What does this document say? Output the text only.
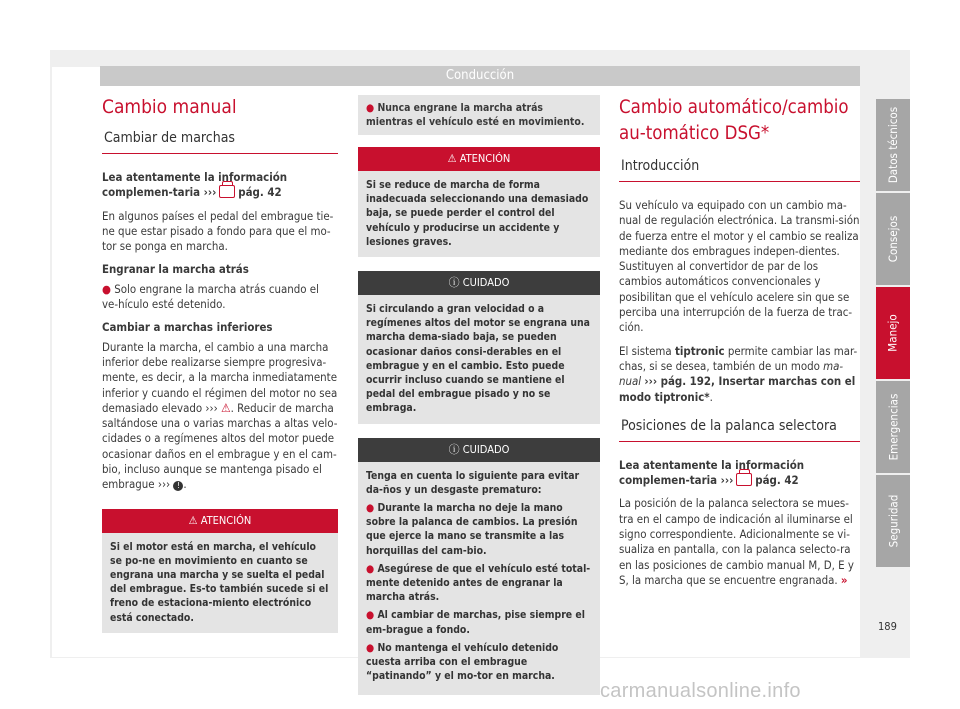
Conducción
Cambio manual
Cambiar de marchas

Lea atentamente la información complemen-taria ››› pág. 42

En algunos países el pedal del embrague tie-ne que estar pisado a fondo para que el mo-tor se ponga en marcha.

Engranar la marcha atrás

● Solo engrane la marcha atrás cuando el ve-hículo esté detenido.

Cambiar a marchas inferiores

Durante la marcha, el cambio a una marcha inferior debe realizarse siempre progresiva-mente, es decir, a la marcha inmediatamente inferior y cuando el régimen del motor no sea demasiado elevado ››› ⚠. Reducir de marcha saltándose una o varias marchas a altas velo-cidades o a regímenes altos del motor puede ocasionar daños en el embrague y en el cam-bio, incluso aunque se mantenga pisado el embrague ››› ! .

⚠ ATENCIÓN
Si el motor está en marcha, el vehículo se po-ne en movimiento en cuanto se engrana una marcha y se suelta el pedal del embrague. Es-to también sucede si el freno de estaciona-miento electrónico está conectado.
● Nunca engrane la marcha atrás mientras el vehículo esté en movimiento.
⚠ ATENCIÓN
Si se reduce de marcha de forma inadecuada seleccionando una demasiado baja, se puede perder el control del vehículo y producirse un accidente y lesiones graves.
ⓘ CUIDADO
Si circulando a gran velocidad o a regímenes altos del motor se engrana una marcha dema-siado baja, se pueden ocasionar daños consi-derables en el embrague y en el cambio. Esto puede ocurrir incluso cuando se mantiene el pedal del embrague pisado y no se embraga.
ⓘ CUIDADO

Tenga en cuenta lo siguiente para evitar da-ños y un desgaste prematuro:

● Durante la marcha no deje la mano sobre la palanca de cambios. La presión que ejerce la mano se transmite a las horquillas del cam-bio.

● Asegúrese de que el vehículo esté total-mente detenido antes de engranar la marcha atrás.

● Al cambiar de marchas, pise siempre el em-brague a fondo.

● No mantenga el vehículo detenido cuesta arriba con el embrague “patinando” y el mo-tor en marcha.

Cambio automático/cambio au-tomático DSG*
Introducción

Su vehículo va equipado con un cambio ma-nual de regulación electrónica. La transmi-sión de fuerza entre el motor y el cambio se realiza mediante dos embragues indepen-dientes. Sustituyen al convertidor de par de los cambios automáticos convencionales y posibilitan que el vehículo acelere sin que se perciba una interrupción de la fuerza de trac-ción.

El sistema tiptronic permite cambiar las mar-chas, si se desea, también de un modo ma-nual ››› pág. 192, Insertar marchas con el modo tiptronic*.

Posiciones de la palanca selectora

Lea atentamente la información complemen-taria ››› pág. 42

La posición de la palanca selectora se mues-tra en el campo de indicación al iluminarse el signo correspondiente. Adicionalmente se vi-sualiza en pantalla, con la palanca selecto-ra en las posiciones de cambio manual M, D, E y S, la marcha que se encuentre engranada. »

Datos técnicos
Consejos
Manejo
Emergencias
Seguridad
189
carmanualsonline.info
